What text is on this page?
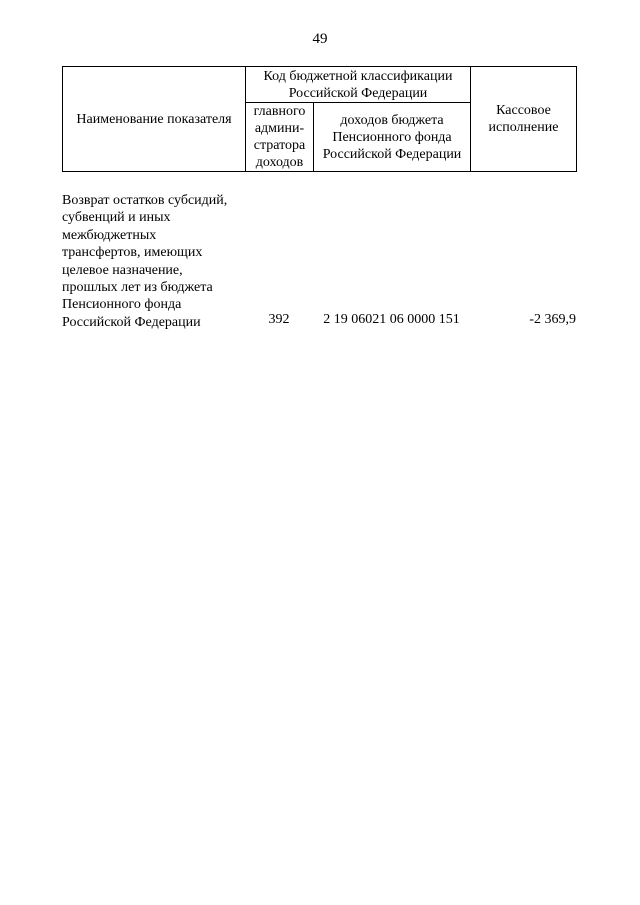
49
Наименование показателя	Код бюджетной классификации Российской Федерации		Кассовое исполнение
	главного админи-стратора доходов	доходов бюджета Пенсионного фонда Российской Федерации	
Возврат остатков субсидий,
субвенций и иных
межбюджетных
трансфертов, имеющих
целевое назначение,
прошлых лет из бюджета
Пенсионного фонда
Российской Федерации	392	2 19 06021 06 0000 151	-2 369,9
